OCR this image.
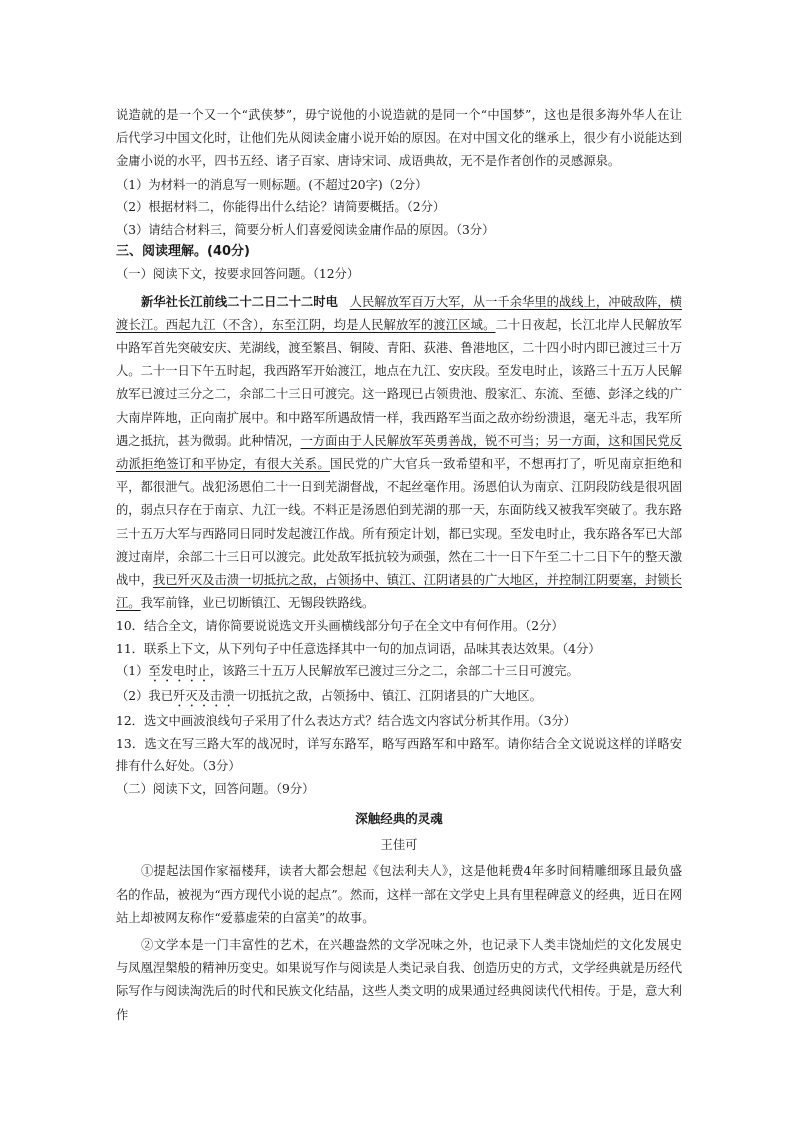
说造就的是一个又一个“武侠梦”，毋宁说他的小说造就的是同一个“中国梦”，这也是很多海外华人在让后代学习中国文化时，让他们先从阅读金庸小说开始的原因。在对中国文化的继承上，很少有小说能达到金庸小说的水平，四书五经、诸子百家、唐诗宋词、成语典故，无不是作者创作的灵感源泉。

（1）为材料一的消息写一则标题。(不超过20字)（2分）

（2）根据材料二，你能得出什么结论？请简要概括。（2分）

（3）请结合材料三，简要分析人们喜爱阅读金庸作品的原因。（3分）

三、阅读理解。(40分)

（一）阅读下文，按要求回答问题。（12分）

新华社长江前线二十二日二十二时电 人民解放军百万大军，从一千余华里的战线上，冲破敌阵，横渡长江。西起九江（不含），东至江阴，均是人民解放军的渡江区域。二十日夜起，长江北岸人民解放军中路军首先突破安庆、芜湖线，渡至繁昌、铜陵、青阳、荻港、鲁港地区，二十四小时内即已渡过三十万人。二十一日下午五时起，我西路军开始渡江，地点在九江、安庆段。至发电时止，该路三十五万人民解放军已渡过三分之二，余部二十三日可渡完。这一路现已占领贵池、殷家汇、东流、至德、彭泽之线的广大南岸阵地，正向南扩展中。和中路军所遇敌情一样，我西路军当面之敌亦纷纷溃退，毫无斗志，我军所遇之抵抗，甚为微弱。此种情况，一方面由于人民解放军英勇善战，锐不可当；另一方面，这和国民党反动派拒绝签订和平协定，有很大关系。国民党的广大官兵一致希望和平，不想再打了，听见南京拒绝和平，都很泄气。战犯汤恩伯二十一日到芜湖督战，不起丝毫作用。汤恩伯认为南京、江阴段防线是很巩固的，弱点只存在于南京、九江一线。不料正是汤恩伯到芜湖的那一天，东面防线又被我军突破了。我东路三十五万大军与西路同日同时发起渡江作战。所有预定计划，都已实现。至发电时止，我东路各军已大部渡过南岸，余部二十三日可以渡完。此处敌军抵抗较为顽强，然在二十一日下午至二十二日下午的整天激战中，我已歼灭及击溃一切抵抗之敌，占领扬中、镇江、江阴诸县的广大地区，并控制江阴要塞，封锁长江。我军前锋，业已切断镇江、无锡段铁路线。

10．结合全文，请你简要说说选文开头画横线部分句子在全文中有何作用。（2分）

11．联系上下文，从下列句子中任意选择其中一句的加点词语，品味其表达效果。（4分）

（1）至发电时止，该路三十五万人民解放军已渡过三分之二，余部二十三日可渡完。

（2）我已歼灭及击溃一切抵抗之敌，占领扬中、镇江、江阴诸县的广大地区。

12．选文中画波浪线句子采用了什么表达方式？结合选文内容试分析其作用。（3分）

13．选文在写三路大军的战况时，详写东路军，略写西路军和中路军。请你结合全文说说这样的详略安排有什么好处。（3分）

（二）阅读下文，回答问题。（9分）

深触经典的灵魂

王佳可

①提起法国作家福楼拜，读者大都会想起《包法利夫人》，这是他耗费4年多时间精雕细琢且最负盛名的作品，被视为“西方现代小说的起点”。然而，这样一部在文学史上具有里程碑意义的经典，近日在网站上却被网友称作“爱慕虚荣的白富美”的故事。

②文学本是一门丰富性的艺术，在兴趣盎然的文学况味之外，也记录下人类丰饶灿烂的文化发展史与凤凰涅槃般的精神历变史。如果说写作与阅读是人类记录自我、创造历史的方式，文学经典就是历经代际写作与阅读淘洗后的时代和民族文化结晶，这些人类文明的成果通过经典阅读代代相传。于是，意大利作
